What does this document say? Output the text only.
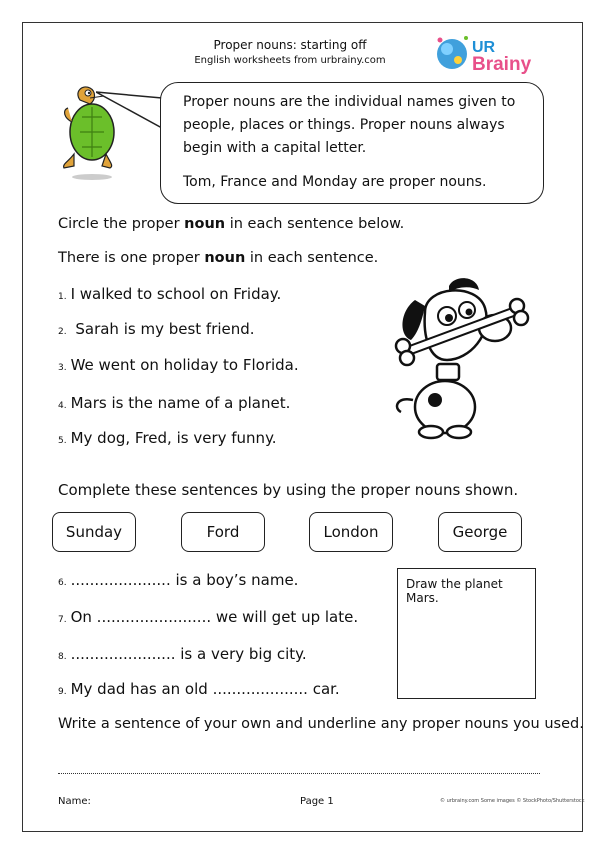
Proper nouns: starting off
English worksheets from urbrainy.com
UR
Brainy

Proper nouns are the individual names given to people, places or things. Proper nouns always begin with a capital letter.

Tom, France and Monday are proper nouns.

Circle the proper noun in each sentence below.
There is one proper noun in each sentence.
1. I walked to school on Friday.
2. Sarah is my best friend.
3. We went on holiday to Florida.
4. Mars is the name of a planet.
5. My dog, Fred, is very funny.
Complete these sentences by using the proper nouns shown.
Sunday	Ford	London	George
6. ..................... is a boy’s name.
7. On ........................ we will get up late.
8. ...................... is a very big city.
9. My dad has an old .................... car.
Draw the planet Mars.
Write a sentence of your own and underline any proper nouns you used.
Name:	Page 1	© urbrainy.com Some images © StockPhoto/Shutterstock
